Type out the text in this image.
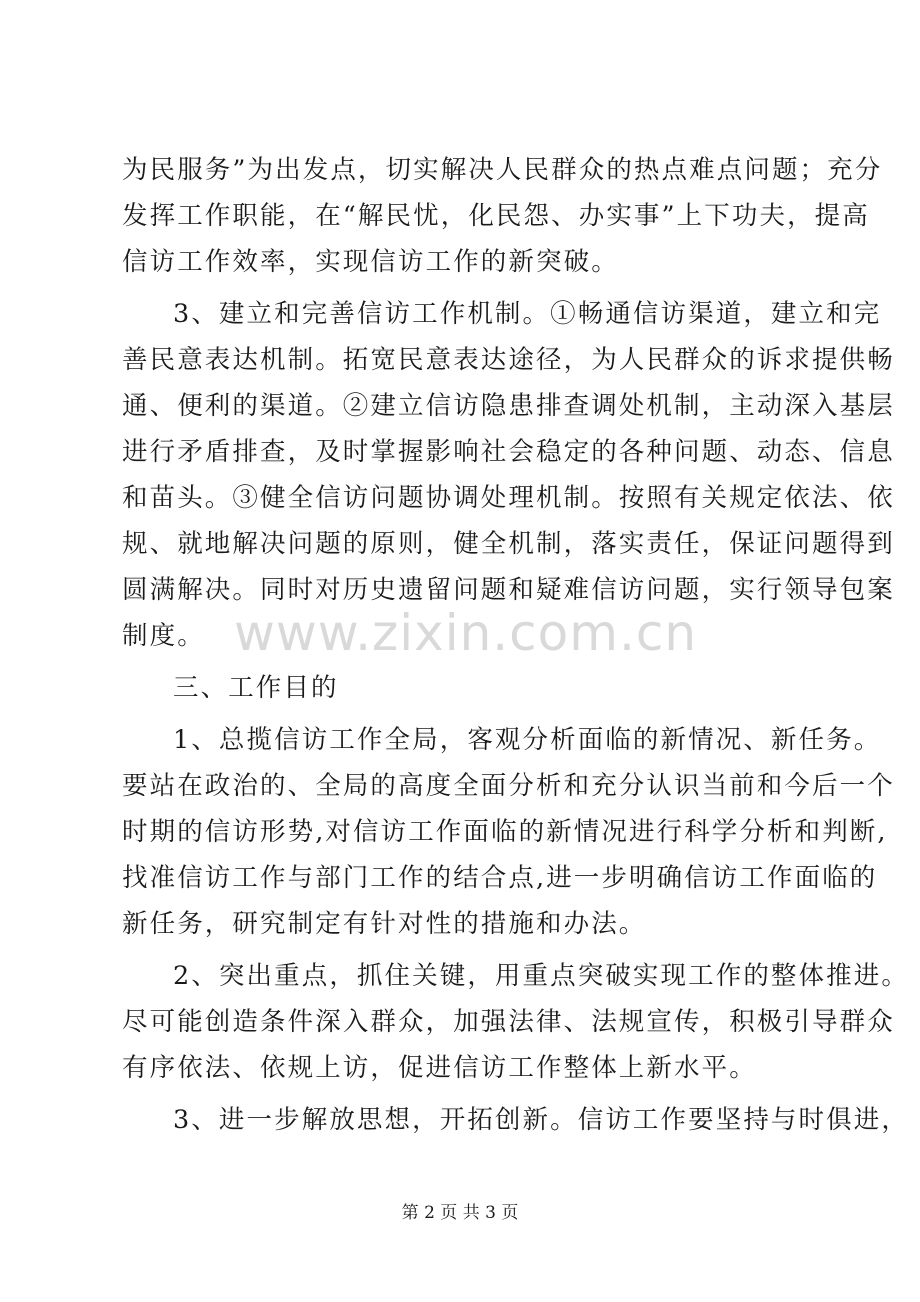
为民服务”为出发点，切实解决人民群众的热点难点问题；充分
发挥工作职能，在“解民忧，化民怨、办实事”上下功夫，提高
信访工作效率，实现信访工作的新突破。
3、建立和完善信访工作机制。①畅通信访渠道，建立和完
善民意表达机制。拓宽民意表达途径，为人民群众的诉求提供畅
通、便利的渠道。②建立信访隐患排查调处机制，主动深入基层
进行矛盾排查，及时掌握影响社会稳定的各种问题、动态、信息
和苗头。③健全信访问题协调处理机制。按照有关规定依法、依
规、就地解决问题的原则，健全机制，落实责任，保证问题得到
圆满解决。同时对历史遗留问题和疑难信访问题，实行领导包案
制度。
三、工作目的
1、总揽信访工作全局，客观分析面临的新情况、新任务。
要站在政治的、全局的高度全面分析和充分认识当前和今后一个
时期的信访形势,对信访工作面临的新情况进行科学分析和判断,
找准信访工作与部门工作的结合点,进一步明确信访工作面临的
新任务，研究制定有针对性的措施和办法。
2、突出重点，抓住关键，用重点突破实现工作的整体推进。
尽可能创造条件深入群众，加强法律、法规宣传，积极引导群众
有序依法、依规上访，促进信访工作整体上新水平。
3、进一步解放思想，开拓创新。信访工作要坚持与时俱进，
www.zixin.com.cn
第 2 页 共 3 页
